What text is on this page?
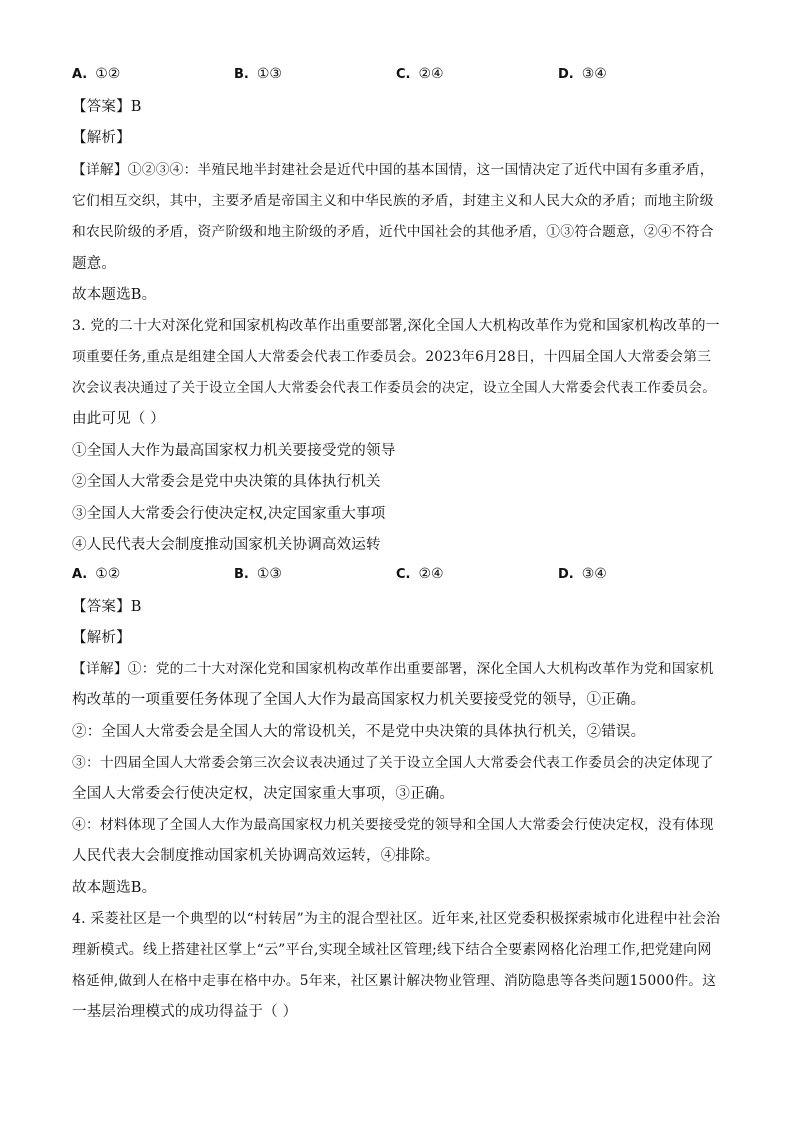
A. ①②	B. ①③	C. ②④	D. ③④
【答案】B
【解析】
【详解】①②③④：半殖民地半封建社会是近代中国的基本国情，这一国情决定了近代中国有多重矛盾，
它们相互交织，其中，主要矛盾是帝国主义和中华民族的矛盾，封建主义和人民大众的矛盾；而地主阶级
和农民阶级的矛盾，资产阶级和地主阶级的矛盾，近代中国社会的其他矛盾，①③符合题意，②④不符合
题意。
故本题选B。
3. 党的二十大对深化党和国家机构改革作出重要部署,深化全国人大机构改革作为党和国家机构改革的一
项重要任务,重点是组建全国人大常委会代表工作委员会。2023年6月28日，十四届全国人大常委会第三
次会议表决通过了关于设立全国人大常委会代表工作委员会的决定，设立全国人大常委会代表工作委员会。
由此可见（ ）
①全国人大作为最高国家权力机关要接受党的领导
②全国人大常委会是党中央决策的具体执行机关
③全国人大常委会行使决定权,决定国家重大事项
④人民代表大会制度推动国家机关协调高效运转
A. ①②	B. ①③	C. ②④	D. ③④
【答案】B
【解析】
【详解】①：党的二十大对深化党和国家机构改革作出重要部署，深化全国人大机构改革作为党和国家机
构改革的一项重要任务体现了全国人大作为最高国家权力机关要接受党的领导，①正确。
②：全国人大常委会是全国人大的常设机关，不是党中央决策的具体执行机关，②错误。
③：十四届全国人大常委会第三次会议表决通过了关于设立全国人大常委会代表工作委员会的决定体现了
全国人大常委会行使决定权，决定国家重大事项，③正确。
④：材料体现了全国人大作为最高国家权力机关要接受党的领导和全国人大常委会行使决定权，没有体现
人民代表大会制度推动国家机关协调高效运转，④排除。
故本题选B。
4. 采菱社区是一个典型的以“村转居”为主的混合型社区。近年来,社区党委积极探索城市化进程中社会治
理新模式。线上搭建社区掌上“云”平台,实现全域社区管理;线下结合全要素网格化治理工作,把党建向网
格延伸,做到人在格中走事在格中办。5年来，社区累计解决物业管理、消防隐患等各类问题15000件。这
一基层治理模式的成功得益于（ ）
